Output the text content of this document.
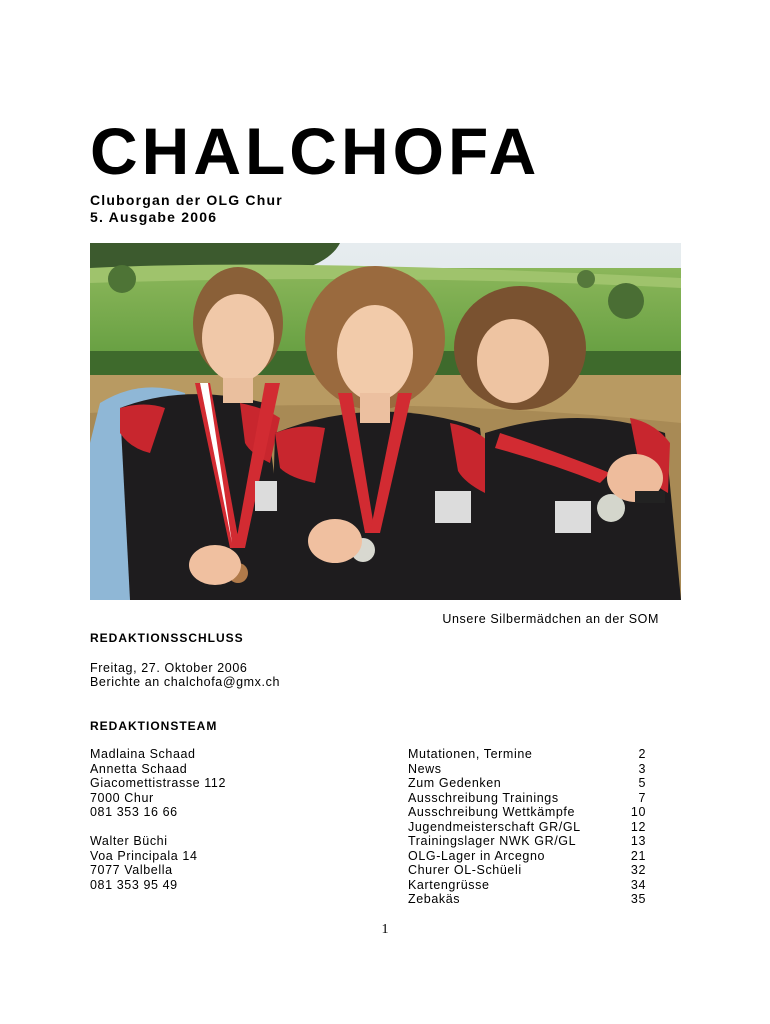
CHALCHOFA
Cluborgan der OLG Chur
5. Ausgabe 2006
Unsere Silbermädchen an der SOM
REDAKTIONSSCHLUSS
Freitag, 27. Oktober 2006
Berichte an chalchofa@gmx.ch
REDAKTIONSTEAM
Madlaina Schaad
Annetta Schaad
Giacomettistrasse 112
7000 Chur
081 353 16 66
Walter Büchi
Voa Principala 14
7077 Valbella
081 353 95 49
Mutationen, Termine	2
News	3
Zum Gedenken	5
Ausschreibung Trainings	7
Ausschreibung Wettkämpfe	10
Jugendmeisterschaft GR/GL	12
Trainingslager NWK GR/GL	13
OLG-Lager in Arcegno	21
Churer OL-Schüeli	32
Kartengrüsse	34
Zebakäs	35
1
